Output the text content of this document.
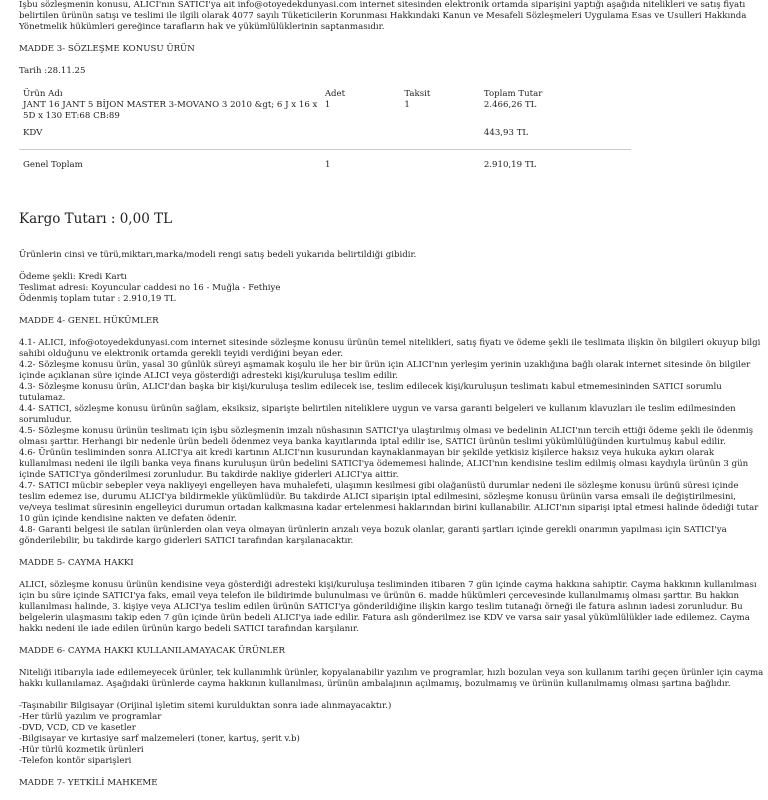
İşbu sözleşmenin konusu, ALICI'nın SATICI'ya ait info@otoyedekdunyasi.com internet sitesinden elektronik ortamda siparişini yaptığı aşağıda nitelikleri ve satış fiyatı belirtilen ürünün satışı ve teslimi ile ilgili olarak 4077 sayılı Tüketicilerin Korunması Hakkındaki Kanun ve Mesafeli Sözleşmeleri Uygulama Esas ve Usulleri Hakkında Yönetmelik hükümleri gereğince tarafların hak ve yükümlülüklerinin saptanmasıdır.

MADDE 3- SÖZLEŞME KONUSU ÜRÜN

Tarih :28.11.25

Ürün Adı	Adet	Taksit	Toplam Tutar
JANT 16 JANT 5 BİJON MASTER 3-MOVANO 3 2010 &gt; 6 J x 16 x 5D x 130 ET:68 CB:89	1	1	2.466,26 TL
KDV			443,93 TL
Genel Toplam	1		2.910,19 TL

Kargo Tutarı : 0,00 TL

Ürünlerin cinsi ve türü,miktarı,marka/modeli rengi satış bedeli yukarıda belirtildiği gibidir.

Ödeme şekli: Kredi Kartı

Teslimat adresi: Koyuncular caddesi no 16 - Muğla - Fethiye

Ödenmiş toplam tutar : 2.910,19 TL

MADDE 4- GENEL HÜKÜMLER

4.1- ALICI, info@otoyedekdunyasi.com internet sitesinde sözleşme konusu ürünün temel nitelikleri, satış fiyatı ve ödeme şekli ile teslimata ilişkin ön bilgileri okuyup bilgi sahibi olduğunu ve elektronik ortamda gerekli teyidi verdiğini beyan eder.

4.2- Sözleşme konusu ürün, yasal 30 günlük süreyi aşmamak koşulu ile her bir ürün için ALICI'nın yerleşim yerinin uzaklığına bağlı olarak internet sitesinde ön bilgiler içinde açıklanan süre içinde ALICI veya gösterdiği adresteki kişi/kuruluşa teslim edilir.

4.3- Sözleşme konusu ürün, ALICI'dan başka bir kişi/kuruluşa teslim edilecek ise, teslim edilecek kişi/kuruluşun teslimatı kabul etmemesininden SATICI sorumlu tutulamaz.

4.4- SATICI, sözleşme konusu ürünün sağlam, eksiksiz, siparişte belirtilen niteliklere uygun ve varsa garanti belgeleri ve kullanım klavuzları ile teslim edilmesinden sorumludur.

4.5- Sözleşme konusu ürünün teslimatı için işbu sözleşmenin imzalı nüshasının SATICI'ya ulaştırılmış olması ve bedelinin ALICI'nın tercih ettiği ödeme şekli ile ödenmiş olması şarttır. Herhangi bir nedenle ürün bedeli ödenmez veya banka kayıtlarında iptal edilir ise, SATICI ürünün teslimi yükümlülüğünden kurtulmuş kabul edilir.

4.6- Ürünün tesliminden sonra ALICI'ya ait kredi kartının ALICI'nın kusurundan kaynaklanmayan bir şekilde yetkisiz kişilerce haksız veya hukuka aykırı olarak kullanılması nedeni ile ilgili banka veya finans kuruluşun ürün bedelini SATICI'ya ödememesi halinde, ALICI'nın kendisine teslim edilmiş olması kaydıyla ürünün 3 gün içinde SATICI'ya gönderilmesi zorunludur. Bu takdirde nakliye giderleri ALICI'ya aittir.

4.7- SATICI mücbir sebepler veya nakliyeyi engelleyen hava muhalefeti, ulaşımın kesilmesi gibi olağanüstü durumlar nedeni ile sözleşme konusu ürünü süresi içinde teslim edemez ise, durumu ALICI'ya bildirmekle yükümlüdür. Bu takdirde ALICI siparişin iptal edilmesini, sözleşme konusu ürünün varsa emsali ile değiştirilmesini, ve/veya teslimat süresinin engelleyici durumun ortadan kalkmasına kadar ertelenmesi haklarından birini kullanabilir. ALICI'nın siparişi iptal etmesi halinde ödediği tutar 10 gün içinde kendisine nakten ve defaten ödenir.

4.8- Garanti belgesi ile satılan ürünlerden olan veya olmayan ürünlerin arızalı veya bozuk olanlar, garanti şartları içinde gerekli onarımın yapılması için SATICI'ya gönderilebilir, bu takdirde kargo giderleri SATICI tarafından karşılanacaktır.

MADDE 5- CAYMA HAKKI

ALICI, sözleşme konusu ürünün kendisine veya gösterdiği adresteki kişi/kuruluşa tesliminden itibaren 7 gün içinde cayma hakkına sahiptir. Cayma hakkının kullanılması için bu süre içinde SATICI'ya faks, email veya telefon ile bildirimde bulunulması ve ürünün 6. madde hükümleri çercevesinde kullanılmamış olması şarttır. Bu hakkın kullanılması halinde, 3. kişiye veya ALICI'ya teslim edilen ürünün SATICI'ya gönderildiğine ilişkin kargo teslim tutanağı örneği ile fatura aslının iadesi zorunludur. Bu belgelerin ulaşmasını takip eden 7 gün içinde ürün bedeli ALICI'ya iade edilir. Fatura aslı gönderilmez ise KDV ve varsa sair yasal yükümlülükler iade edilemez. Cayma hakkı nedeni ile iade edilen ürünün kargo bedeli SATICI tarafından karşılanır.

MADDE 6- CAYMA HAKKI KULLANILAMAYACAK ÜRÜNLER

Niteliği itibarıyla iade edilemeyecek ürünler, tek kullanımlık ürünler, kopyalanabilir yazılım ve programlar, hızlı bozulan veya son kullanım tarihi geçen ürünler için cayma hakkı kullanılamaz. Aşağıdaki ürünlerde cayma hakkının kullanılması, ürünün ambalajının açılmamış, bozulmamış ve ürünün kullanılmamış olması şartına bağlıdır.

-Taşınabilir Bilgisayar (Orijinal işletim sitemi kurulduktan sonra iade alınmayacaktır.)
-Her türlü yazılım ve programlar
-DVD, VCD, CD ve kasetler
-Bilgisayar ve kırtasiye sarf malzemeleri (toner, kartuş, şerit v.b)
-Hür türlü kozmetik ürünleri
-Telefon kontör siparişleri

MADDE 7- YETKİLİ MAHKEME
